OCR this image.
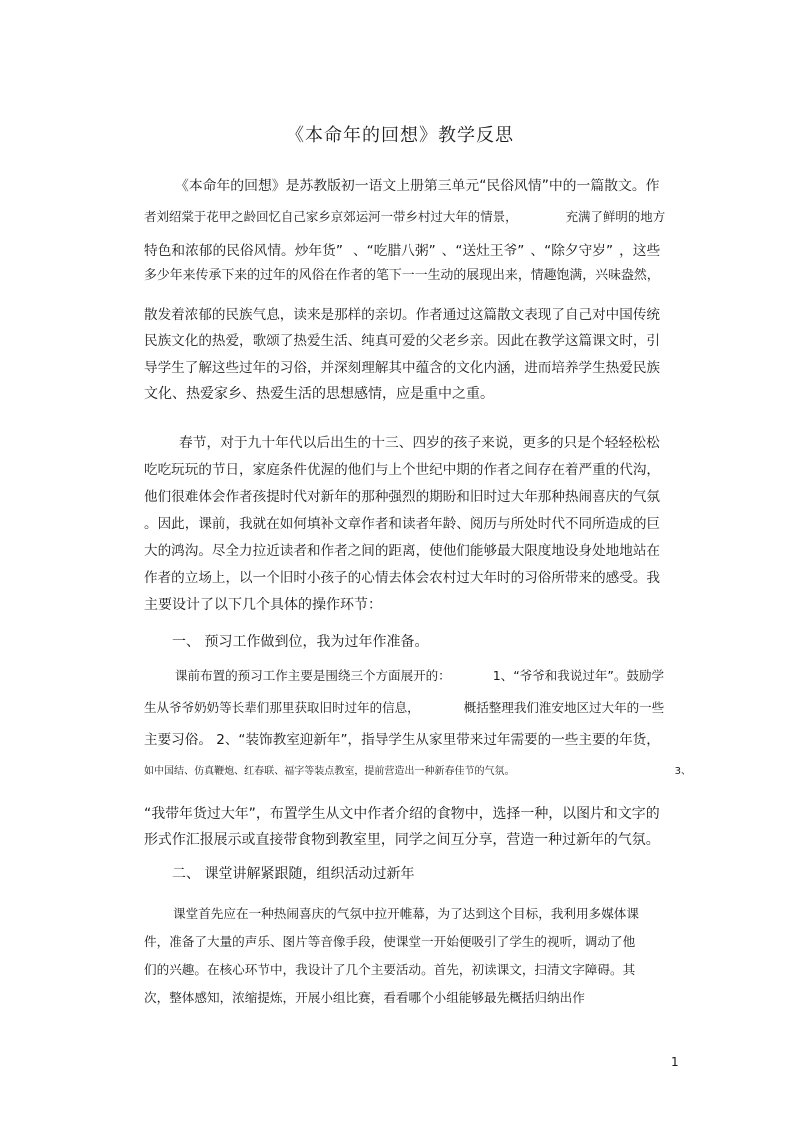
《本命年的回想》教学反思
《本命年的回想》是苏教版初一语文上册第三单元“民俗风情”中的一篇散文。作
者刘绍棠于花甲之龄回忆自己家乡京郊运河一带乡村过大年的情景，	充满了鲜明的地方
特色和浓郁的民俗风情。炒年货” 、“吃腊八粥” 、“送灶王爷” 、“除夕守岁” ，这些
多少年来传承下来的过年的风俗在作者的笔下一一生动的展现出来，情趣饱满，兴味盎然，
散发着浓郁的民族气息，读来是那样的亲切。作者通过这篇散文表现了自己对中国传统
民族文化的热爱，歌颂了热爱生活、纯真可爱的父老乡亲。因此在教学这篇课文时，引
导学生了解这些过年的习俗，并深刻理解其中蕴含的文化内涵，进而培养学生热爱民族
文化、热爱家乡、热爱生活的思想感情，应是重中之重。
春节，对于九十年代以后出生的十三、四岁的孩子来说，更多的只是个轻轻松松
吃吃玩玩的节日，家庭条件优渥的他们与上个世纪中期的作者之间存在着严重的代沟，
他们很难体会作者孩提时代对新年的那种强烈的期盼和旧时过大年那种热闹喜庆的气氛
。因此，课前，我就在如何填补文章作者和读者年龄、阅历与所处时代不同所造成的巨
大的鸿沟。尽全力拉近读者和作者之间的距离，使他们能够最大限度地设身处地地站在
作者的立场上，以一个旧时小孩子的心情去体会农村过大年时的习俗所带来的感受。我
主要设计了以下几个具体的操作环节：
一、 预习工作做到位，我为过年作准备。
课前布置的预习工作主要是围绕三个方面展开的：	1、“爷爷和我说过年”。鼓励学
生从爷爷奶奶等长辈们那里获取旧时过年的信息，	概括整理我们淮安地区过大年的一些
主要习俗。 2、“装饰教室迎新年”，指导学生从家里带来过年需要的一些主要的年货，
如中国结、仿真鞭炮、红春联、福字等装点教室，提前营造出一种新春佳节的气氛。	3、
“我带年货过大年”，布置学生从文中作者介绍的食物中，选择一种，以图片和文字的
形式作汇报展示或直接带食物到教室里，同学之间互分享，营造一种过新年的气氛。
二、 课堂讲解紧跟随，组织活动过新年
课堂首先应在一种热闹喜庆的气氛中拉开帷幕，为了达到这个目标，我利用多媒体课
件，准备了大量的声乐、图片等音像手段，使课堂一开始便吸引了学生的视听，调动了他
们的兴趣。在核心环节中，我设计了几个主要活动。首先，初读课文，扫清文字障碍。其
次，整体感知，浓缩提炼，开展小组比赛，看看哪个小组能够最先概括归纳出作
1
